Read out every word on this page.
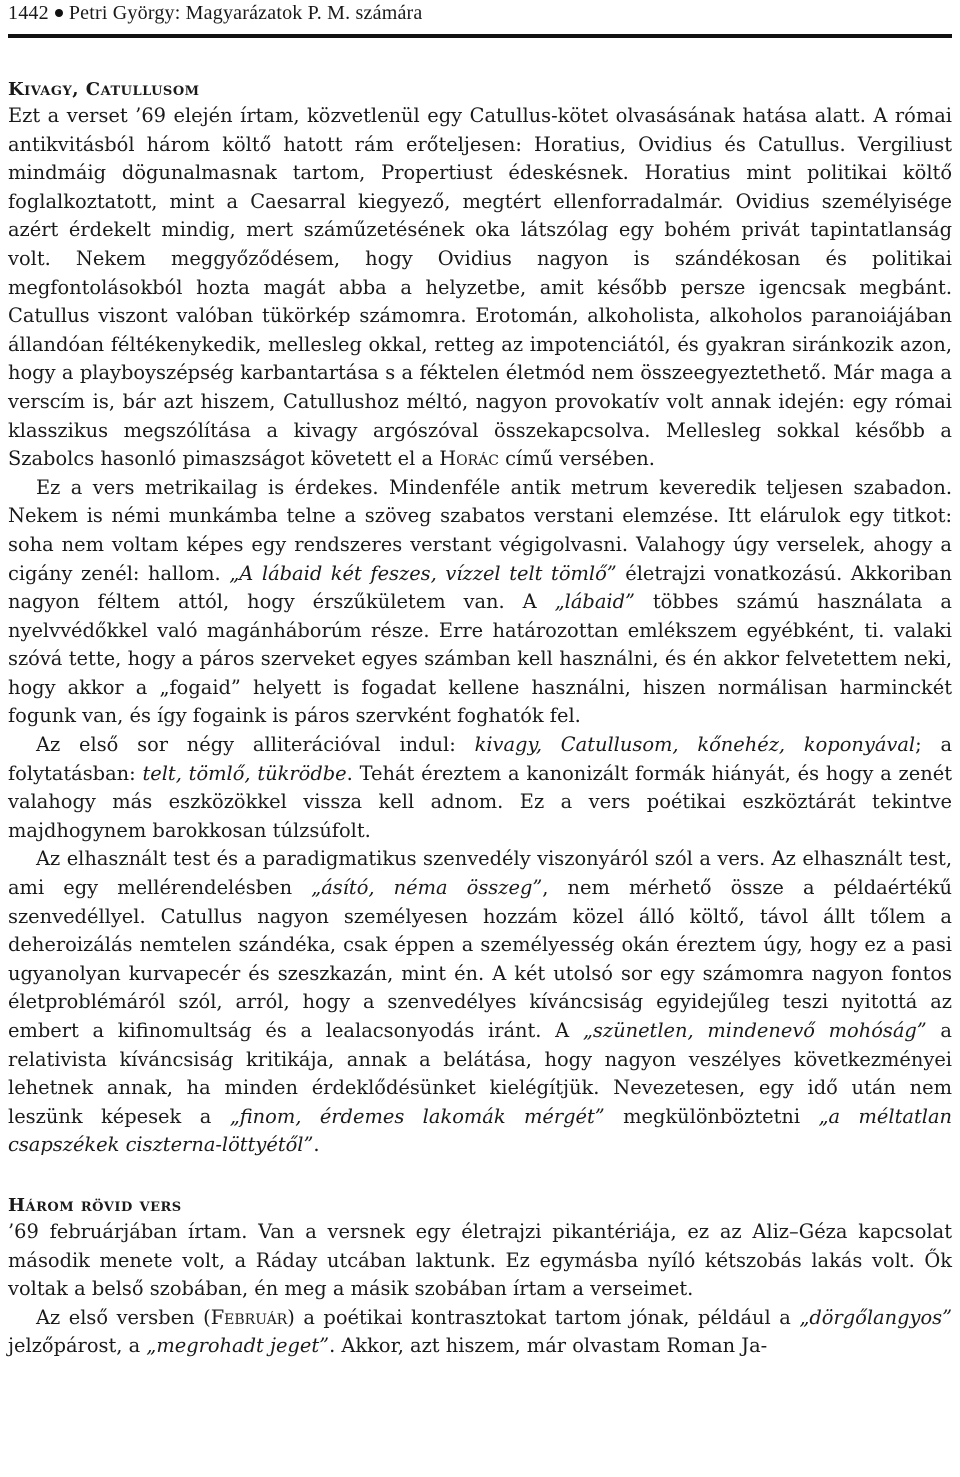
1442 Petri György: Magyarázatok P. M. számára
Kivagy, Catullusom

Ezt a verset ’69 elején írtam, közvetlenül egy Catullus-kötet olvasásának hatása alatt. A római antikvitásból három költő hatott rám erőteljesen: Horatius, Ovidius és Catullus. Vergiliust mindmáig dögunalmasnak tartom, Propertiust édeskésnek. Horatius mint politikai költő foglalkoztatott, mint a Caesarral kiegyező, megtért ellenforradalmár. Ovidius személyisége azért érdekelt mindig, mert száműzetésének oka látszólag egy bohém privát tapintatlanság volt. Nekem meggyőződésem, hogy Ovidius nagyon is szándékosan és politikai megfontolásokból hozta magát abba a helyzetbe, amit később persze igencsak megbánt. Catullus viszont valóban tükörkép számomra. Erotomán, alkoholista, alkoholos paranoiájában állandóan féltékenykedik, mellesleg okkal, retteg az impotenciától, és gyakran siránkozik azon, hogy a playboyszépség karbantartása s a féktelen életmód nem összeegyeztethető. Már maga a verscím is, bár azt hiszem, Catullushoz méltó, nagyon provokatív volt annak idején: egy római klasszikus megszólítása a kivagy argószóval összekapcsolva. Mellesleg sokkal később a Szabolcs hasonló pimaszságot követett el a Horác című versében.

Ez a vers metrikailag is érdekes. Mindenféle antik metrum keveredik teljesen szabadon. Nekem is némi munkámba telne a szöveg szabatos verstani elemzése. Itt elárulok egy titkot: soha nem voltam képes egy rendszeres verstant végigolvasni. Valahogy úgy verselek, ahogy a cigány zenél: hallom. „A lábaid két feszes, vízzel telt tömlő” életrajzi vonatkozású. Akkoriban nagyon féltem attól, hogy érszűkületem van. A „lábaid” többes számú használata a nyelvvédőkkel való magánháborúm része. Erre határozottan emlékszem egyébként, ti. valaki szóvá tette, hogy a páros szerveket egyes számban kell használni, és én akkor felvetettem neki, hogy akkor a „fogaid” helyett is fogadat kellene használni, hiszen normálisan harminckét fogunk van, és így fogaink is páros szervként foghatók fel.

Az első sor négy alliterációval indul: kivagy, Catullusom, kőnehéz, koponyával; a folytatásban: telt, tömlő, tükrödbe. Tehát éreztem a kanonizált formák hiányát, és hogy a zenét valahogy más eszközökkel vissza kell adnom. Ez a vers poétikai eszköztárát tekintve majdhogynem barokkosan túlzsúfolt.

Az elhasznált test és a paradigmatikus szenvedély viszonyáról szól a vers. Az elhasznált test, ami egy mellérendelésben „ásító, néma összeg”, nem mérhető össze a példaértékű szenvedéllyel. Catullus nagyon személyesen hozzám közel álló költő, távol állt tőlem a deheroizálás nemtelen szándéka, csak éppen a személyesség okán éreztem úgy, hogy ez a pasi ugyanolyan kurvapecér és szeszkazán, mint én. A két utolsó sor egy számomra nagyon fontos életproblémáról szól, arról, hogy a szenvedélyes kíváncsiság egyidejűleg teszi nyitottá az embert a kifinomultság és a lealacsonyodás iránt. A „szünetlen, mindenevő mohóság” a relativista kíváncsiság kritikája, annak a belátása, hogy nagyon veszélyes következményei lehetnek annak, ha minden érdeklődésünket kielégítjük. Nevezetesen, egy idő után nem leszünk képesek a „finom, érdemes lakomák mérgét” megkülönböztetni „a méltatlan csapszékek ciszterna-löttyétől”.

Három rövid vers

’69 februárjában írtam. Van a versnek egy életrajzi pikantériája, ez az Aliz–Géza kapcsolat második menete volt, a Ráday utcában laktunk. Ez egymásba nyíló kétszobás lakás volt. Ők voltak a belső szobában, én meg a másik szobában írtam a verseimet.

Az első versben (Február) a poétikai kontrasztokat tartom jónak, például a „dörgőlangyos” jelzőpárost, a „megrohadt jeget”. Akkor, azt hiszem, már olvastam Roman Ja-
